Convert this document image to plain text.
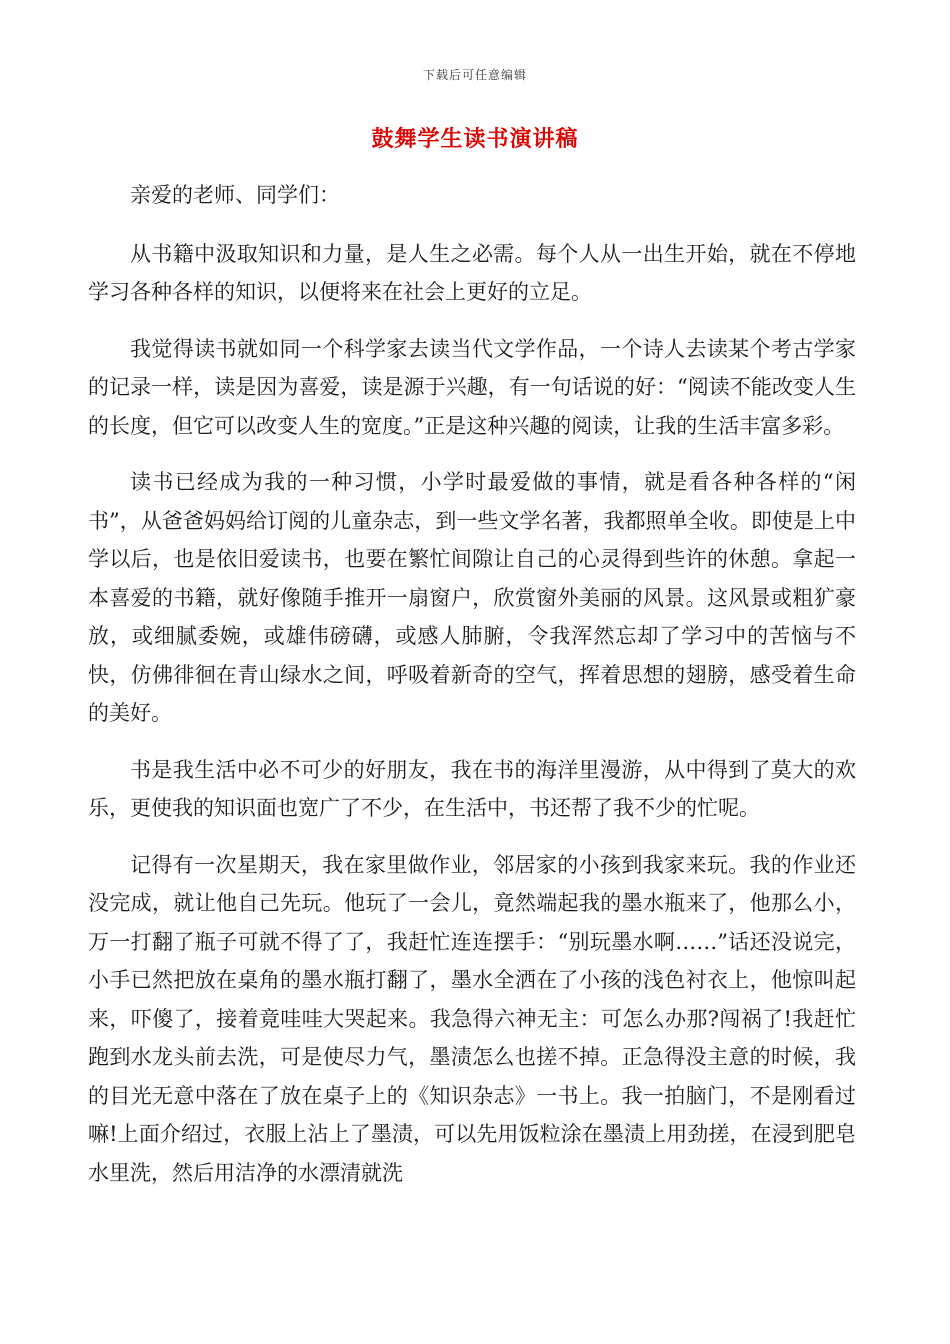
下载后可任意编辑
鼓舞学生读书演讲稿

亲爱的老师、同学们：

从书籍中汲取知识和力量，是人生之必需。每个人从一出生开始，就在不停地学习各种各样的知识，以便将来在社会上更好的立足。

我觉得读书就如同一个科学家去读当代文学作品，一个诗人去读某个考古学家的记录一样，读是因为喜爱，读是源于兴趣，有一句话说的好：“阅读不能改变人生的长度，但它可以改变人生的宽度。”正是这种兴趣的阅读，让我的生活丰富多彩。

读书已经成为我的一种习惯，小学时最爱做的事情，就是看各种各样的“闲书”，从爸爸妈妈给订阅的儿童杂志，到一些文学名著，我都照单全收。即使是上中学以后，也是依旧爱读书，也要在繁忙间隙让自己的心灵得到些许的休憩。拿起一本喜爱的书籍，就好像随手推开一扇窗户，欣赏窗外美丽的风景。这风景或粗犷豪放，或细腻委婉，或雄伟磅礴，或感人肺腑，令我浑然忘却了学习中的苦恼与不快，仿佛徘徊在青山绿水之间，呼吸着新奇的空气，挥着思想的翅膀，感受着生命的美好。

书是我生活中必不可少的好朋友，我在书的海洋里漫游，从中得到了莫大的欢乐，更使我的知识面也宽广了不少，在生活中，书还帮了我不少的忙呢。

记得有一次星期天，我在家里做作业，邻居家的小孩到我家来玩。我的作业还没完成，就让他自己先玩。他玩了一会儿，竟然端起我的墨水瓶来了，他那么小，万一打翻了瓶子可就不得了了，我赶忙连连摆手：“别玩墨水啊……”话还没说完，小手已然把放在桌角的墨水瓶打翻了，墨水全洒在了小孩的浅色衬衣上，他惊叫起来，吓傻了，接着竟哇哇大哭起来。我急得六神无主：可怎么办那?闯祸了!我赶忙跑到水龙头前去洗，可是使尽力气，墨渍怎么也搓不掉。正急得没主意的时候，我的目光无意中落在了放在桌子上的《知识杂志》一书上。我一拍脑门，不是刚看过嘛!上面介绍过，衣服上沾上了墨渍，可以先用饭粒涂在墨渍上用劲搓，在浸到肥皂水里洗，然后用洁净的水漂清就洗
